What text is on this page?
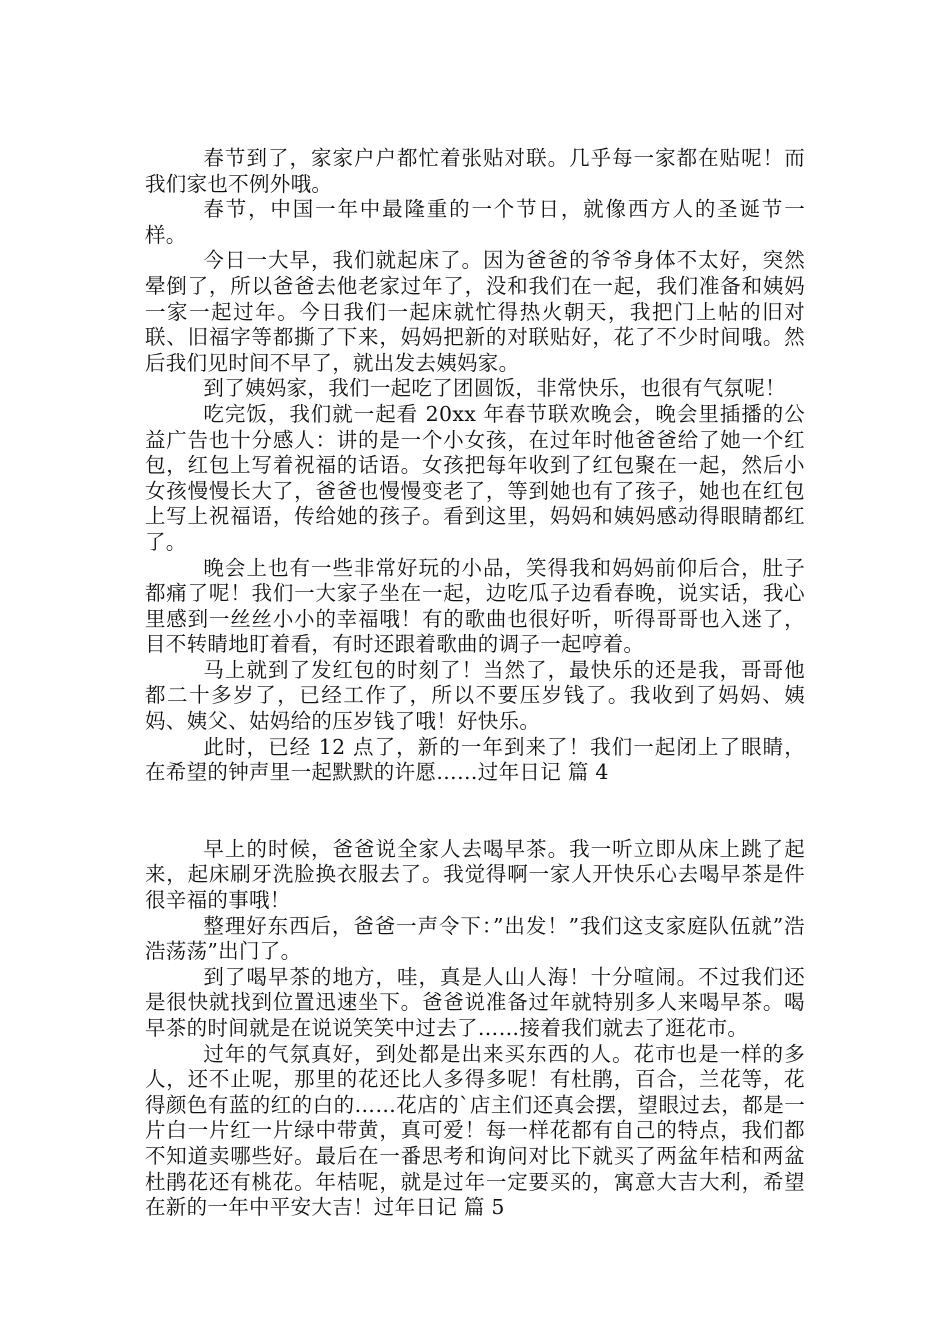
春节到了，家家户户都忙着张贴对联。几乎每一家都在贴呢！而我们家也不例外哦。

春节，中国一年中最隆重的一个节日，就像西方人的圣诞节一样。

今日一大早，我们就起床了。因为爸爸的爷爷身体不太好，突然晕倒了，所以爸爸去他老家过年了，没和我们在一起，我们准备和姨妈一家一起过年。今日我们一起床就忙得热火朝天，我把门上帖的旧对联、旧福字等都撕了下来，妈妈把新的对联贴好，花了不少时间哦。然后我们见时间不早了，就出发去姨妈家。

到了姨妈家，我们一起吃了团圆饭，非常快乐，也很有气氛呢！

吃完饭，我们就一起看 20xx 年春节联欢晚会，晚会里插播的公益广告也十分感人：讲的是一个小女孩，在过年时他爸爸给了她一个红包，红包上写着祝福的话语。女孩把每年收到了红包聚在一起，然后小女孩慢慢长大了，爸爸也慢慢变老了，等到她也有了孩子，她也在红包上写上祝福语，传给她的孩子。看到这里，妈妈和姨妈感动得眼睛都红了。

晚会上也有一些非常好玩的小品，笑得我和妈妈前仰后合，肚子都痛了呢！我们一大家子坐在一起，边吃瓜子边看春晚，说实话，我心里感到一丝丝小小的幸福哦！有的歌曲也很好听，听得哥哥也入迷了，目不转睛地盯着看，有时还跟着歌曲的调子一起哼着。

马上就到了发红包的时刻了！当然了，最快乐的还是我，哥哥他都二十多岁了，已经工作了，所以不要压岁钱了。我收到了妈妈、姨妈、姨父、姑妈给的压岁钱了哦！好快乐。

此时，已经 12 点了，新的一年到来了！我们一起闭上了眼睛，在希望的钟声里一起默默的许愿……过年日记 篇 4

早上的时候，爸爸说全家人去喝早茶。我一听立即从床上跳了起来，起床刷牙洗脸换衣服去了。我觉得啊一家人开快乐心去喝早茶是件很辛福的事哦！

整理好东西后，爸爸一声令下：”出发！”我们这支家庭队伍就”浩浩荡荡”出门了。

到了喝早茶的地方，哇，真是人山人海！十分喧闹。不过我们还是很快就找到位置迅速坐下。爸爸说准备过年就特别多人来喝早茶。喝早茶的时间就是在说说笑笑中过去了……接着我们就去了逛花市。

过年的气氛真好，到处都是出来买东西的人。花市也是一样的多人，还不止呢，那里的花还比人多得多呢！有杜鹃，百合，兰花等，花得颜色有蓝的红的白的……花店的`店主们还真会摆，望眼过去，都是一片白一片红一片绿中带黄，真可爱！每一样花都有自己的特点，我们都不知道卖哪些好。最后在一番思考和询问对比下就买了两盆年桔和两盆杜鹃花还有桃花。年桔呢，就是过年一定要买的，寓意大吉大利，希望在新的一年中平安大吉！过年日记 篇 5
